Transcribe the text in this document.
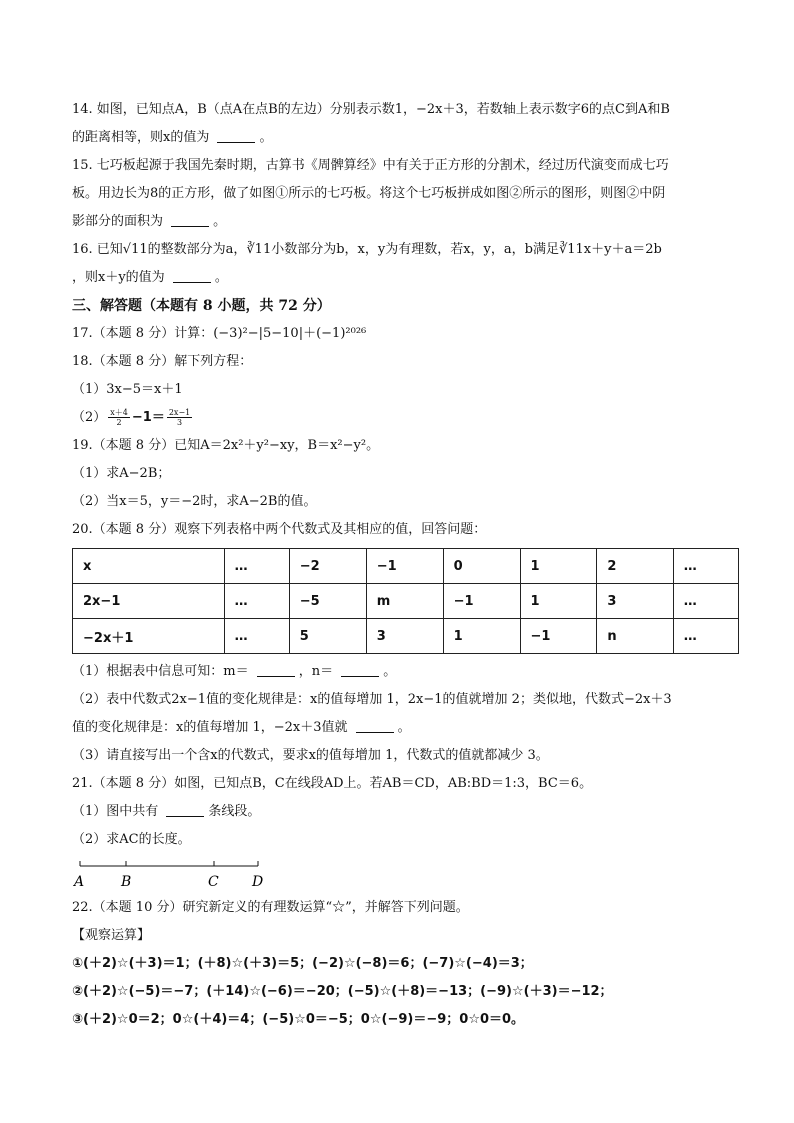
14. 如图，已知点A，B（点A在点B的左边）分别表示数1，−2x＋3，若数轴上表示数字6的点C到A和B
的距离相等，则x的值为	。
15. 七巧板起源于我国先秦时期，古算书《周髀算经》中有关于正方形的分割术，经过历代演变而成七巧
板。用边长为8的正方形，做了如图①所示的七巧板。将这个七巧板拼成如图②所示的图形，则图②中阴
影部分的面积为	。
16. 已知√11的整数部分为a，∛11小数部分为b，x，y为有理数，若x，y，a，b满足∛11x＋y＋a＝2b
，则x＋y的值为	。
三、解答题（本题有 8 小题，共 72 分）
17.（本题 8 分）计算：(−3)²−|5−10|＋(−1)²⁰²⁶
18.（本题 8 分）解下列方程：
（1）3x−5＝x＋1
$(2) \frac{x+4}{2} -1= \frac{2x-1}{3}$
19.（本题 8 分）已知A＝2x²＋y²−xy，B＝x²−y²。
（1）求A−2B；
（2）当x＝5，y＝−2时，求A−2B的值。
20.（本题 8 分）观察下列表格中两个代数式及其相应的值，回答问题：
x	…	−2	−1	0	1	2	…
2x−1	…	−5	m	−1	1	3	…
−2x＋1	…	5	3	1	−1	n	…
（1）根据表中信息可知：m＝	，n＝	。
（2）表中代数式2x−1值的变化规律是：x的值每增加 1，2x−1的值就增加 2；类似地，代数式−2x＋3
值的变化规律是：x的值每增加 1，−2x＋3值就	。
（3）请直接写出一个含x的代数式，要求x的值每增加 1，代数式的值就都减少 3。
21.（本题 8 分）如图，已知点B，C在线段AD上。若AB＝CD，AB:BD＝1:3，BC＝6。
（1）图中共有	条线段。
（2）求AC的长度。
A	B	C D
22.（本题 10 分）研究新定义的有理数运算“☆”，并解答下列问题。
【观察运算】
①(＋2)☆(＋3)＝1；(＋8)☆(＋3)＝5；(−2)☆(−8)＝6；(−7)☆(−4)＝3；
②(＋2)☆(−5)＝−7；(＋14)☆(−6)＝−20；(−5)☆(＋8)＝−13；(−9)☆(＋3)＝−12；
③(＋2)☆0＝2；0☆(＋4)＝4；(−5)☆0＝−5；0☆(−9)＝−9；0☆0＝0。
